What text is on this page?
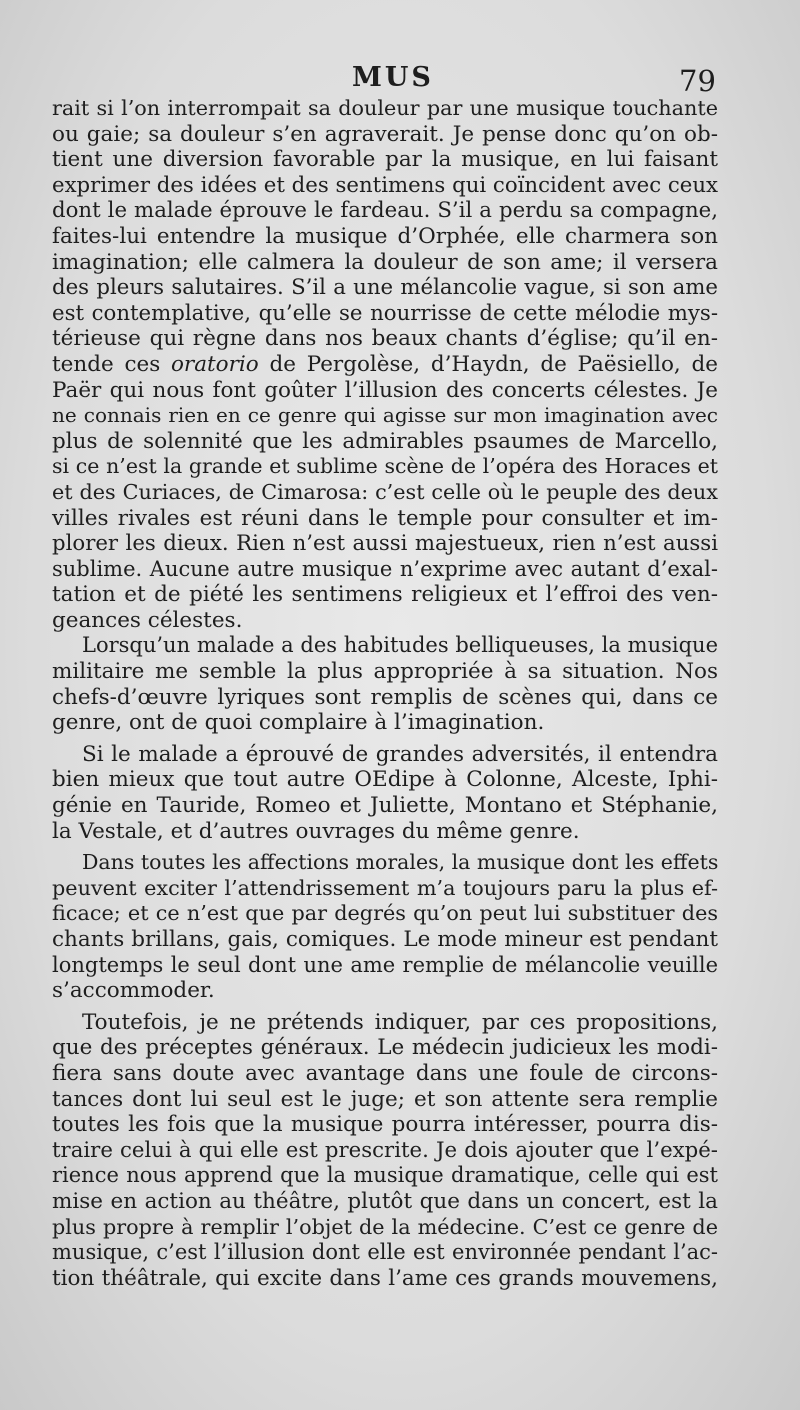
MUS	79
rait si l’on interrompait sa douleur par une musique touchante
ou gaie; sa douleur s’en agraverait. Je pense donc qu’on ob-
tient une diversion favorable par la musique, en lui faisant
exprimer des idées et des sentimens qui coïncident avec ceux
dont le malade éprouve le fardeau. S’il a perdu sa compagne,
faites-lui entendre la musique d’Orphée, elle charmera son
imagination; elle calmera la douleur de son ame; il versera
des pleurs salutaires. S’il a une mélancolie vague, si son ame
est contemplative, qu’elle se nourrisse de cette mélodie mys-
térieuse qui règne dans nos beaux chants d’église; qu’il en-
tende ces oratorio de Pergolèse, d’Haydn, de Paësiello, de
Paër qui nous font goûter l’illusion des concerts célestes. Je
ne connais rien en ce genre qui agisse sur mon imagination avec
plus de solennité que les admirables psaumes de Marcello,
si ce n’est la grande et sublime scène de l’opéra des Horaces et
et des Curiaces, de Cimarosa: c’est celle où le peuple des deux
villes rivales est réuni dans le temple pour consulter et im-
plorer les dieux. Rien n’est aussi majestueux, rien n’est aussi
sublime. Aucune autre musique n’exprime avec autant d’exal-
tation et de piété les sentimens religieux et l’effroi des ven-
geances célestes.
Lorsqu’un malade a des habitudes belliqueuses, la musique
militaire me semble la plus appropriée à sa situation. Nos
chefs-d’œuvre lyriques sont remplis de scènes qui, dans ce
genre, ont de quoi complaire à l’imagination.
Si le malade a éprouvé de grandes adversités, il entendra
bien mieux que tout autre OEdipe à Colonne, Alceste, Iphi-
génie en Tauride, Romeo et Juliette, Montano et Stéphanie,
la Vestale, et d’autres ouvrages du même genre.
Dans toutes les affections morales, la musique dont les effets
peuvent exciter l’attendrissement m’a toujours paru la plus ef-
ficace; et ce n’est que par degrés qu’on peut lui substituer des
chants brillans, gais, comiques. Le mode mineur est pendant
longtemps le seul dont une ame remplie de mélancolie veuille
s’accommoder.
Toutefois, je ne prétends indiquer, par ces propositions,
que des préceptes généraux. Le médecin judicieux les modi-
fiera sans doute avec avantage dans une foule de circons-
tances dont lui seul est le juge; et son attente sera remplie
toutes les fois que la musique pourra intéresser, pourra dis-
traire celui à qui elle est prescrite. Je dois ajouter que l’expé-
rience nous apprend que la musique dramatique, celle qui est
mise en action au théâtre, plutôt que dans un concert, est la
plus propre à remplir l’objet de la médecine. C’est ce genre de
musique, c’est l’illusion dont elle est environnée pendant l’ac-
tion théâtrale, qui excite dans l’ame ces grands mouvemens,
